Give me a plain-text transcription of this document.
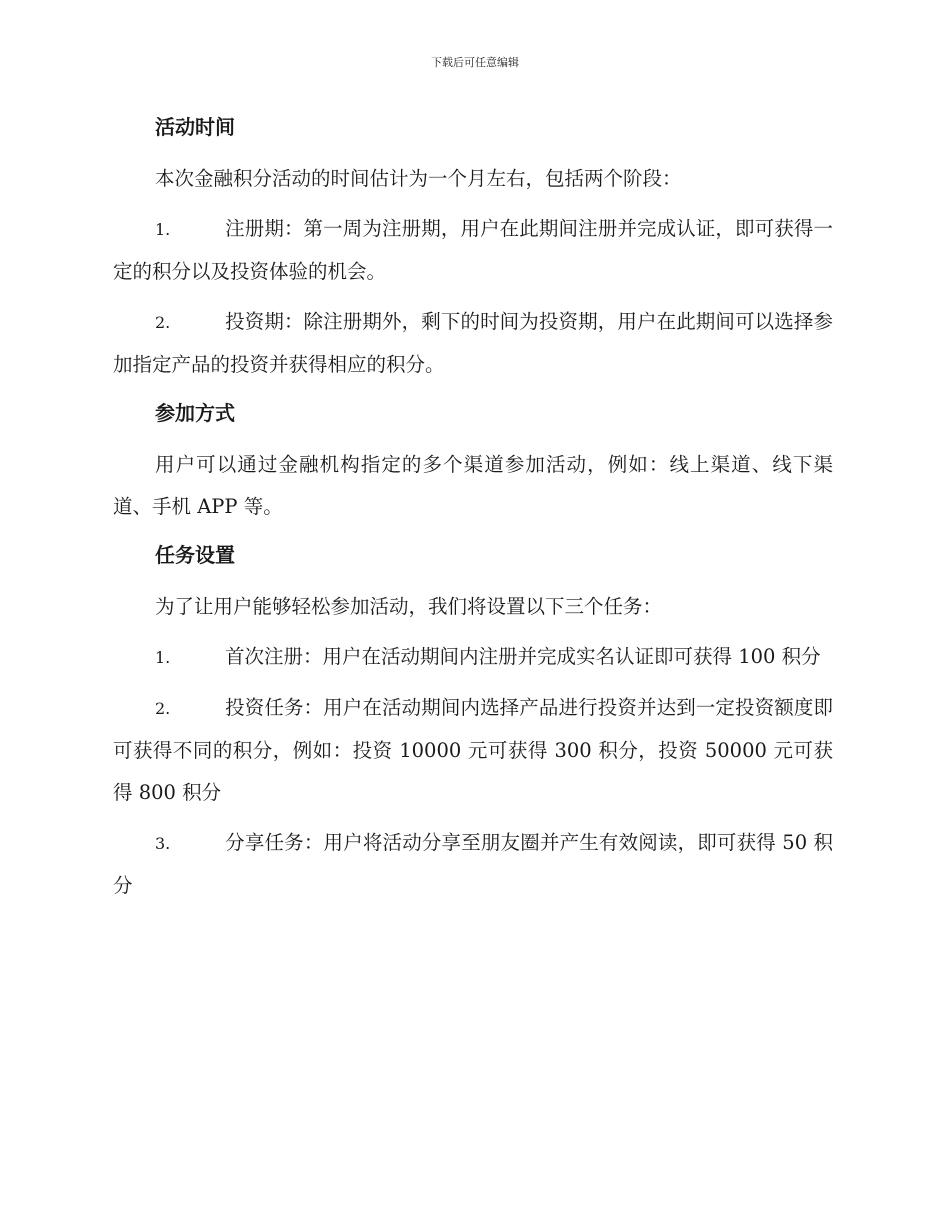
下载后可任意编辑
活动时间

本次金融积分活动的时间估计为一个月左右，包括两个阶段：

1.	注册期：第一周为注册期，用户在此期间注册并完成认证，即可获得一定的积分以及投资体验的机会。

2.	投资期：除注册期外，剩下的时间为投资期，用户在此期间可以选择参加指定产品的投资并获得相应的积分。

参加方式

用户可以通过金融机构指定的多个渠道参加活动，例如：线上渠道、线下渠道、手机 APP 等。

任务设置

为了让用户能够轻松参加活动，我们将设置以下三个任务：

1.	首次注册：用户在活动期间内注册并完成实名认证即可获得 100 积分

2.	投资任务：用户在活动期间内选择产品进行投资并达到一定投资额度即可获得不同的积分，例如：投资 10000 元可获得 300 积分，投资 50000 元可获得 800 积分

3.	分享任务：用户将活动分享至朋友圈并产生有效阅读，即可获得 50 积分
